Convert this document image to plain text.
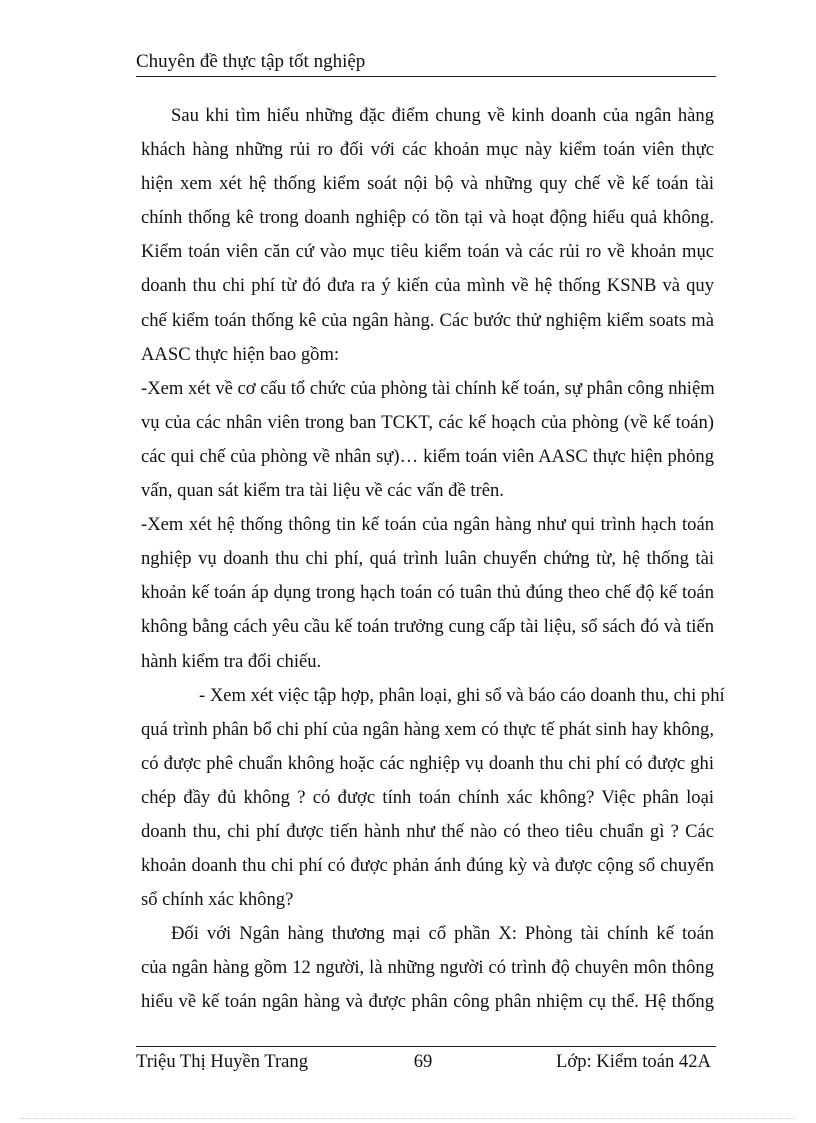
Chuyên đề thực tập tốt nghiệp
Sau khi tìm hiểu những đặc điểm chung về kinh doanh của ngân hàng
khách hàng những rủi ro đối với các khoản mục này kiểm toán viên thực
hiện xem xét hệ thống kiểm soát nội bộ và những quy chế về kế toán tài
chính thống kê trong doanh nghiệp có tồn tại và hoạt động hiểu quả không.
Kiểm toán viên căn cứ vào mục tiêu kiểm toán và các rủi ro về khoản mục
doanh thu chi phí từ đó đưa ra ý kiến của mình về hệ thống KSNB và quy
chế kiểm toán thống kê của ngân hàng. Các bước thử nghiệm kiểm soats mà
AASC thực hiện bao gồm:
-Xem xét về cơ cấu tổ chức của phòng tài chính kế toán, sự phân công nhiệm
vụ của các nhân viên trong ban TCKT, các kế hoạch của phòng (về kế toán)
các qui chế của phòng về nhân sự)… kiểm toán viên AASC thực hiện phỏng
vấn, quan sát kiểm tra tài liệu về các vấn đề trên.
-Xem xét hệ thống thông tin kế toán của ngân hàng như qui trình hạch toán
nghiệp vụ doanh thu chi phí, quá trình luân chuyển chứng từ, hệ thống tài
khoản kế toán áp dụng trong hạch toán có tuân thủ đúng theo chế độ kế toán
không bằng cách yêu cầu kế toán trưởng cung cấp tài liệu, sổ sách đó và tiến
hành kiểm tra đối chiếu.
- Xem xét việc tập hợp, phân loại, ghi sổ và báo cáo doanh thu, chi phí
quá trình phân bổ chi phí của ngân hàng xem có thực tế phát sinh hay không,
có được phê chuẩn không hoặc các nghiệp vụ doanh thu chi phí có được ghi
chép đầy đủ không ? có được tính toán chính xác không? Việc phân loại
doanh thu, chi phí được tiến hành như thế nào có theo tiêu chuẩn gì ? Các
khoản doanh thu chi phí có được phản ánh đúng kỳ và được cộng sổ chuyển
sổ chính xác không?
Đối với Ngân hàng thương mại cổ phần X: Phòng tài chính kế toán
của ngân hàng gồm 12 người, là những người có trình độ chuyên môn thông
hiểu về kế toán ngân hàng và được phân công phân nhiệm cụ thể. Hệ thống
Triệu Thị Huyền Trang	69	Lớp: Kiểm toán 42A
